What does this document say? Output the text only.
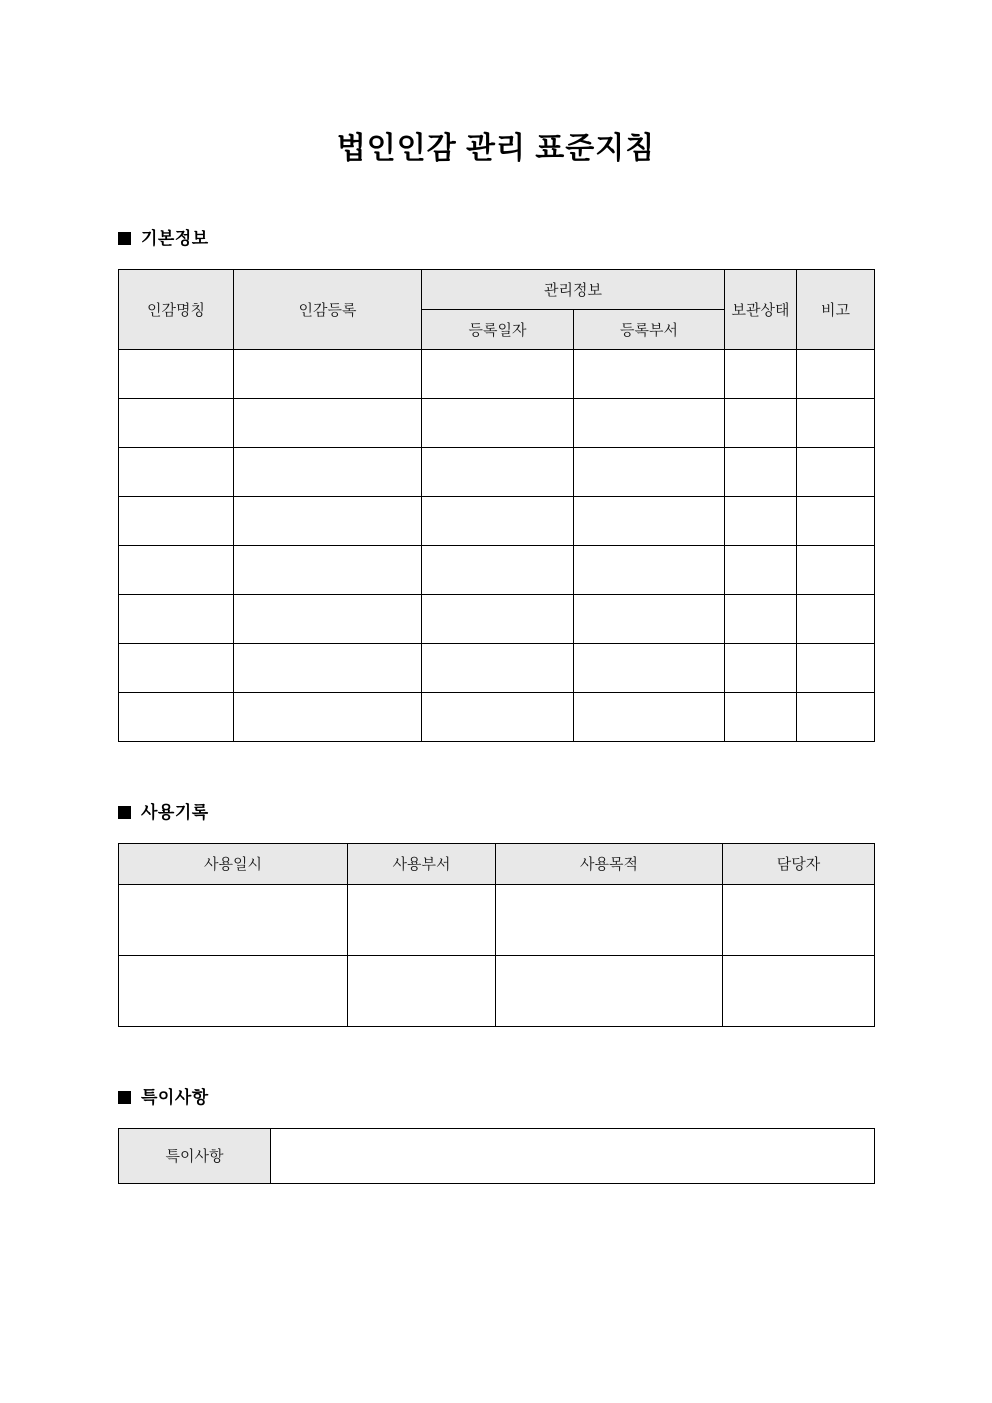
법인인감 관리 표준지침
기본정보
인감명칭	인감등록	관리정보		보관상태	비고
		등록일자	등록부서		

사용기록
사용일시	사용부서	사용목적	담당자

특이사항
특이사항	
